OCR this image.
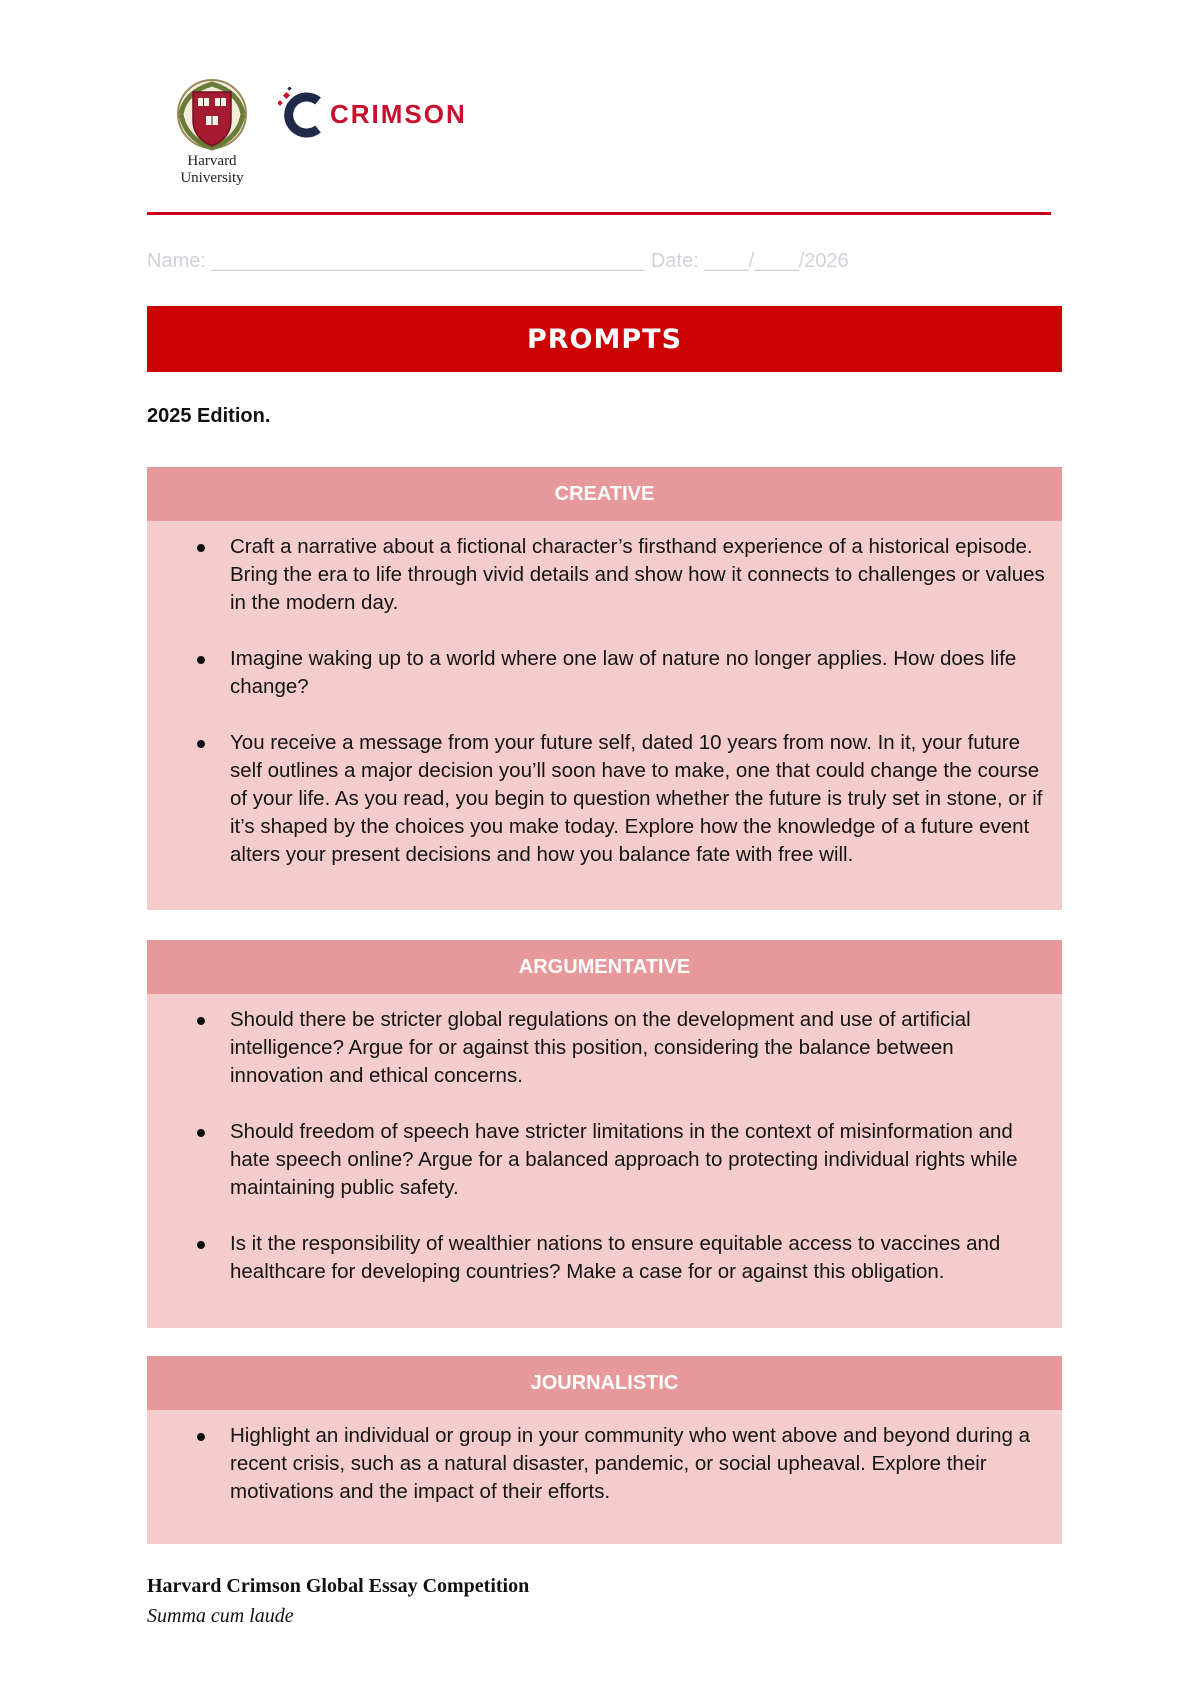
Harvard
University
CRIMSON
Name: _______________________________________ Date: ____/____/2026
PROMPTS
2025 Edition.
CREATIVE
Craft a narrative about a fictional character’s firsthand experience of a historical episode. Bring the era to life through vivid details and show how it connects to challenges or values in the modern day.
Imagine waking up to a world where one law of nature no longer applies. How does life change?
You receive a message from your future self, dated 10 years from now. In it, your future self outlines a major decision you’ll soon have to make, one that could change the course of your life. As you read, you begin to question whether the future is truly set in stone, or if it’s shaped by the choices you make today. Explore how the knowledge of a future event alters your present decisions and how you balance fate with free will.
ARGUMENTATIVE
Should there be stricter global regulations on the development and use of artificial intelligence? Argue for or against this position, considering the balance between innovation and ethical concerns.
Should freedom of speech have stricter limitations in the context of misinformation and hate speech online? Argue for a balanced approach to protecting individual rights while maintaining public safety.
Is it the responsibility of wealthier nations to ensure equitable access to vaccines and healthcare for developing countries? Make a case for or against this obligation.
JOURNALISTIC
Highlight an individual or group in your community who went above and beyond during a recent crisis, such as a natural disaster, pandemic, or social upheaval. Explore their motivations and the impact of their efforts.
Harvard Crimson Global Essay Competition
Summa cum laude
